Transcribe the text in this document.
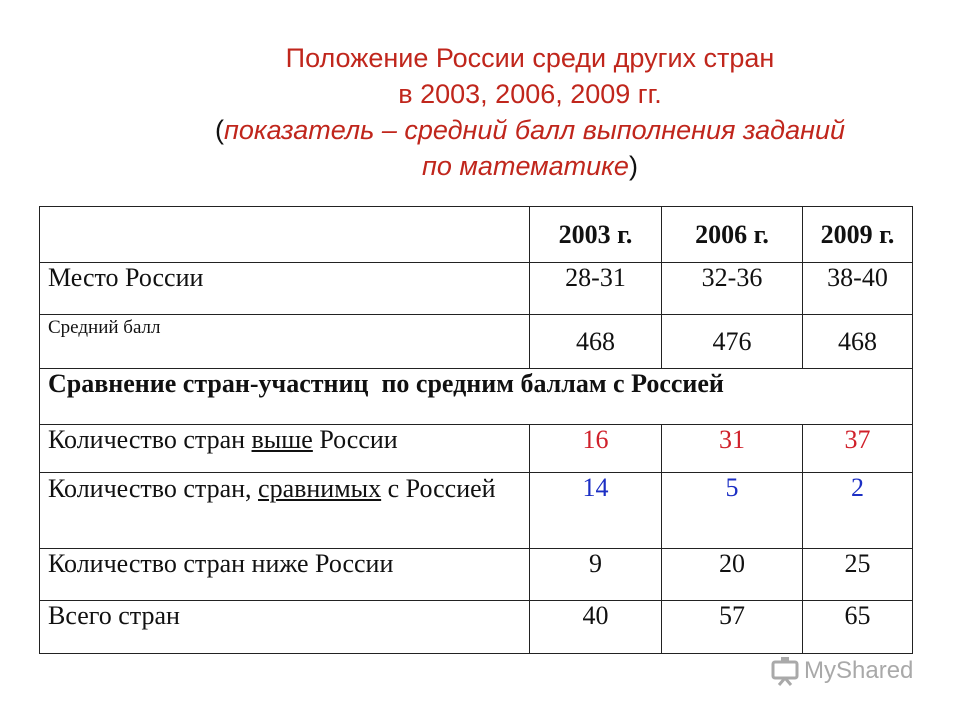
Положение России среди других стран
в 2003, 2006, 2009 гг.
(показатель – средний балл выполнения заданий
по математике)
	2003 г.	2006 г.	2009 г.
Место России	28-31	32-36	38-40
Средний балл	468	476	468
Сравнение стран-участниц  по средним баллам с Россией			
Количество стран выше России	16	31	37
Количество стран, сравнимых с Россией	14	5	2
Количество стран ниже России	9	20	25
Всего стран	40	57	65
MyShared
